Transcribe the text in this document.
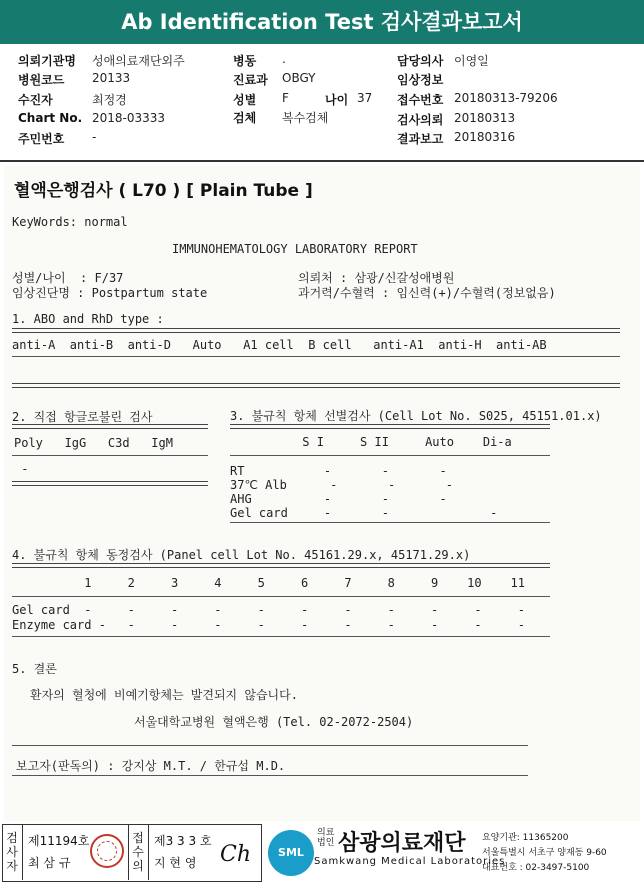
Ab Identification Test 검사결과보고서
의뢰기관명 성애의료재단외주
병원코드 20133
수진자	최정경
Chart No. 2018-03333
주민번호 -
병동 .
진료과 OBGY
성별 F	나이 37
검체 복수검체
담당의사 이영일
임상정보
접수번호 20180313-79206
검사의뢰 20180313
결과보고 20180316
혈액은행검사 ( L70 ) [ Plain Tube ]
KeyWords: normal
IMMUNOHEMATOLOGY LABORATORY REPORT
성별/나이  : F/37
임상진단명 : Postpartum state
의뢰처 : 삼광/신갈성애병원
과거력/수혈력 : 임신력(+)/수혈력(정보없음)
1. ABO and RhD type :
anti-A  anti-B  anti-D   Auto   A1 cell  B cell   anti-A1  anti-H  anti-AB
2. 직접 항글로불린 검사
Poly   IgG   C3d   IgM
-
3. 불규칙 항체 선별검사 (Cell Lot No. S025, 45151.01.x)
S I     S II     Auto    Di-a
RT           -       -       -
37℃ Alb      -       -       -
AHG          -       -       -
Gel card     -       -              -
4. 불규칙 항체 동정검사 (Panel cell Lot No. 45161.29.x, 45171.29.x)
1     2     3     4     5     6     7     8     9    10    11
Gel card  -     -     -     -     -     -     -     -     -     -     -
Enzyme card -   -     -     -     -     -     -     -     -     -     -
5. 결론
환자의 혈청에 비예기항체는 발견되지 않습니다.
서울대학교병원 혈액은행 (Tel. 02-2072-2504)
보고자(판독의) : 강지상 M.T. / 한규섭 M.D.
검사자
제11194호
최 삼 규
접수의
제3 3 3 호
지 현 영 Ch	SML
의료법인 삼광의료재단
Samkwang Medical Laboratories
요양기관: 11365200
서울특별시 서초구 양재동 9-60
대표번호 : 02-3497-5100
